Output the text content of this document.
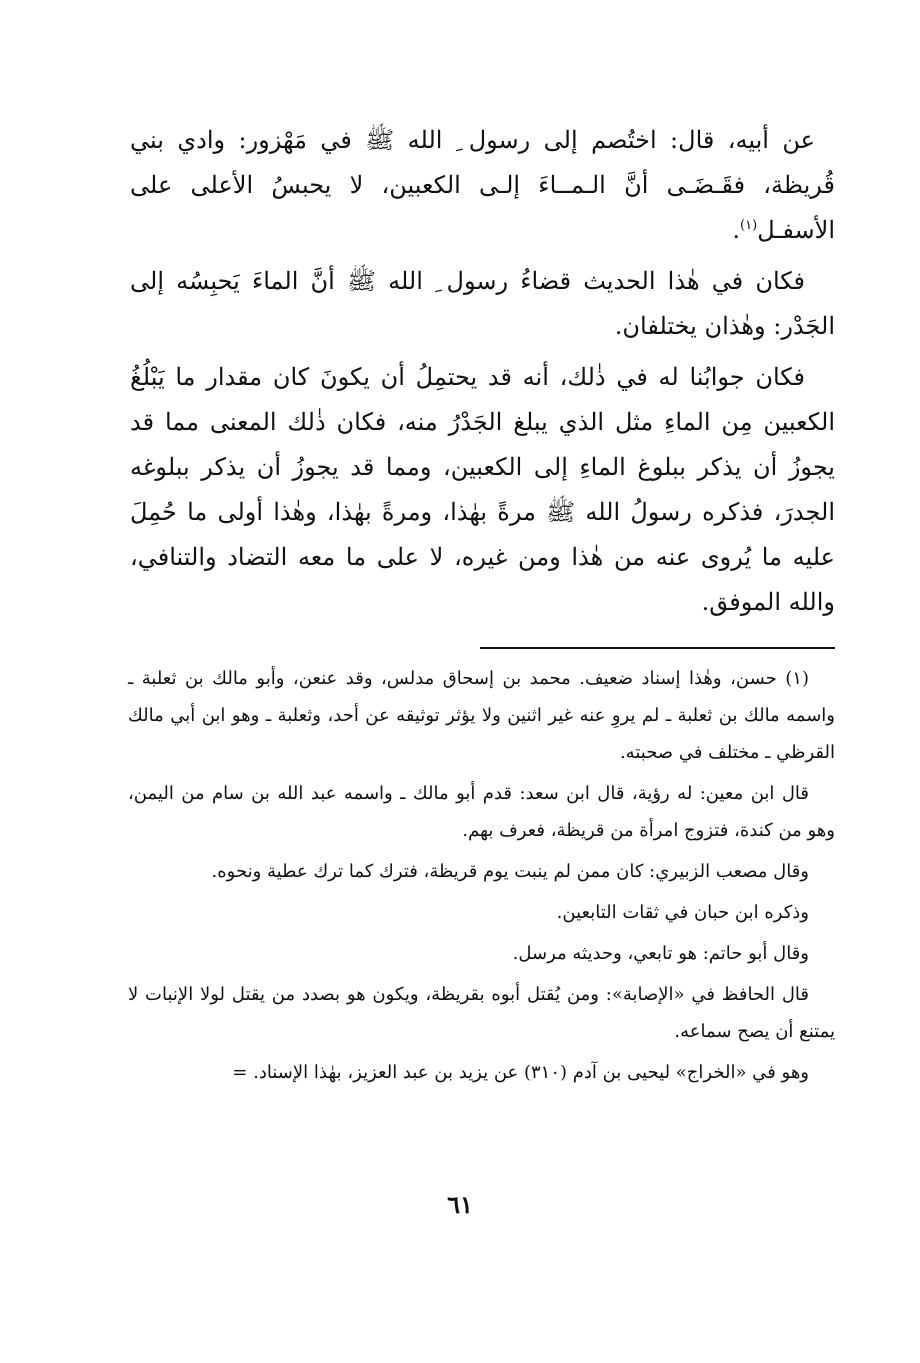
عن أبيه، قال: اختُصم إلى رسول ِ الله ﷺ في مَهْزور: وادي بني قُريظة، فقَـضَـى أنَّ الـمــاءَ إلـى الكعبين، لا يحبسُ الأعلى على الأسفـل$^{(١)}$.

فكان في هٰذا الحديث قضاءُ رسول ِ الله ﷺ أنَّ الماءَ يَحبِسُه إلى الجَدْر: وهٰذان يختلفان.

فكان جوابُنا له في ذٰلك، أنه قد يحتمِلُ أن يكونَ كان مقدار ما يَبْلُغُ الكعبين مِن الماءِ مثل الذي يبلغ الجَدْرُ منه، فكان ذٰلك المعنى مما قد يجوزُ أن يذكر ببلوغ الماءِ إلى الكعبين، ومما قد يجوزُ أن يذكر ببلوغه الجدرَ، فذكره رسولُ الله ﷺ مرةً بهٰذا، ومرةً بهٰذا، وهٰذا أولى ما حُمِلَ عليه ما يُروى عنه من هٰذا ومن غيره، لا على ما معه التضاد والتنافي، والله الموفق.

(١) حسن، وهٰذا إسناد ضعيف. محمد بن إسحاق مدلس، وقد عنعن، وأبو مالك بن ثعلبة ـ واسمه مالك بن ثعلبة ـ لم يروِ عنه غير اثنين ولا يؤثر توثيقه عن أحد، وثعلبة ـ وهو ابن أبي مالك القرظي ـ مختلف في صحبته.

قال ابن معين: له رؤية، قال ابن سعد: قدم أبو مالك ـ واسمه عبد الله بن سام من اليمن، وهو من كندة، فتزوج امرأة من قريظة، فعرف بهم.

وقال مصعب الزبيري: كان ممن لم ينبت يوم قريظة، فترك كما ترك عطية ونحوه.

وذكره ابن حبان في ثقات التابعين.

وقال أبو حاتم: هو تابعي، وحديثه مرسل.

قال الحافظ في «الإصابة»: ومن يُقتل أبوه بقريظة، ويكون هو بصدد من يقتل لولا الإنبات لا يمتنع أن يصح سماعه.

وهو في «الخراج» ليحيى بن آدم (٣١٠) عن يزيد بن عبد العزيز، بهٰذا الإسناد. =

٦١
